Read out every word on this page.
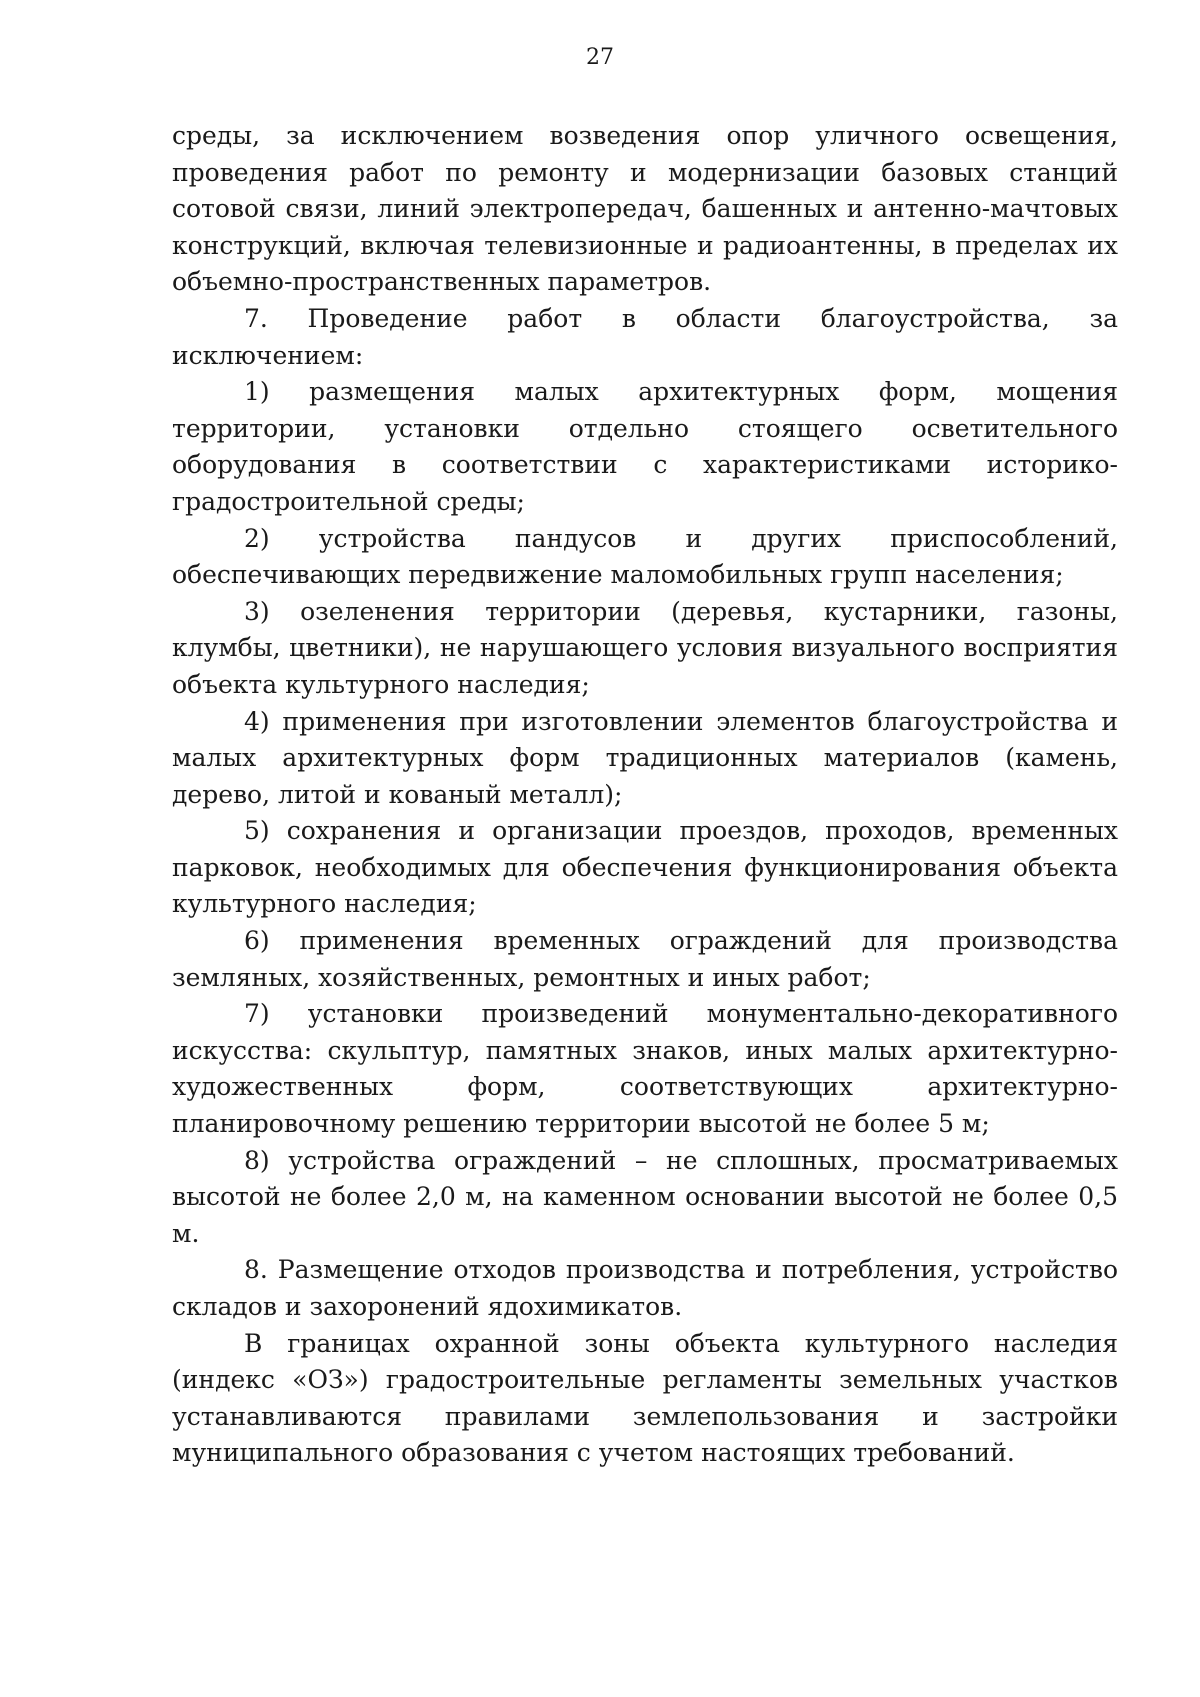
27

среды, за исключением возведения опор уличного освещения, проведения работ по ремонту и модернизации базовых станций сотовой связи, линий электропередач, башенных и антенно-мачтовых конструкций, включая телевизионные и радиоантенны, в пределах их объемно-пространственных параметров.

7. Проведение работ в области благоустройства, за исключением:

1) размещения малых архитектурных форм, мощения территории, установки отдельно стоящего осветительного оборудования в соответствии с характеристиками историко-градостроительной среды;

2) устройства пандусов и других приспособлений, обеспечивающих передвижение маломобильных групп населения;

3) озеленения территории (деревья, кустарники, газоны, клумбы, цветники), не нарушающего условия визуального восприятия объекта культурного наследия;

4) применения при изготовлении элементов благоустройства и малых архитектурных форм традиционных материалов (камень, дерево, литой и кованый металл);

5) сохранения и организации проездов, проходов, временных парковок, необходимых для обеспечения функционирования объекта культурного наследия;

6) применения временных ограждений для производства земляных, хозяйственных, ремонтных и иных работ;

7) установки произведений монументально-декоративного искусства: скульптур, памятных знаков, иных малых архитектурно-художественных форм, соответствующих архитектурно-планировочному решению территории высотой не более 5 м;

8) устройства ограждений – не сплошных, просматриваемых высотой не более 2,0 м, на каменном основании высотой не более 0,5 м.

8. Размещение отходов производства и потребления, устройство складов и захоронений ядохимикатов.

В границах охранной зоны объекта культурного наследия (индекс «ОЗ») градостроительные регламенты земельных участков устанавливаются правилами землепользования и застройки муниципального образования с учетом настоящих требований.
